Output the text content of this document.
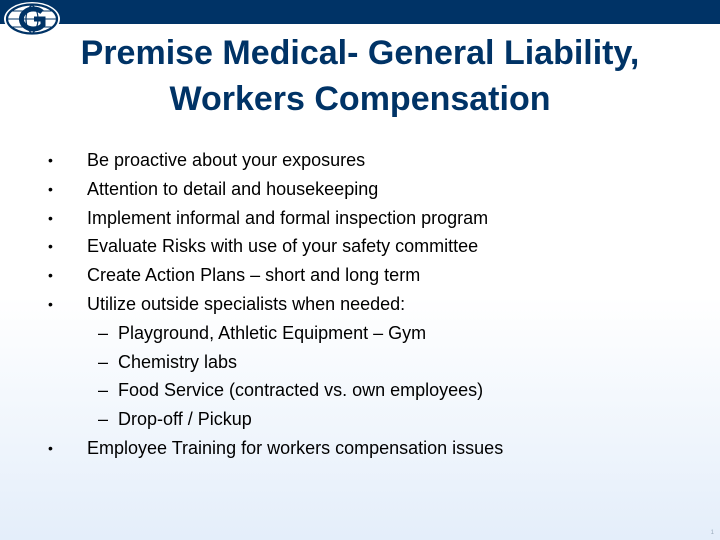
Premise Medical- General Liability,
Workers Compensation
• Be proactive about your exposures
• Attention to detail and housekeeping
• Implement informal and formal inspection program
• Evaluate Risks with use of your safety committee
• Create Action Plans – short and long term
• Utilize outside specialists when needed:
– Playground, Athletic Equipment – Gym
– Chemistry labs
– Food Service (contracted vs. own employees)
– Drop-off / Pickup
• Employee Training for workers compensation issues
1
